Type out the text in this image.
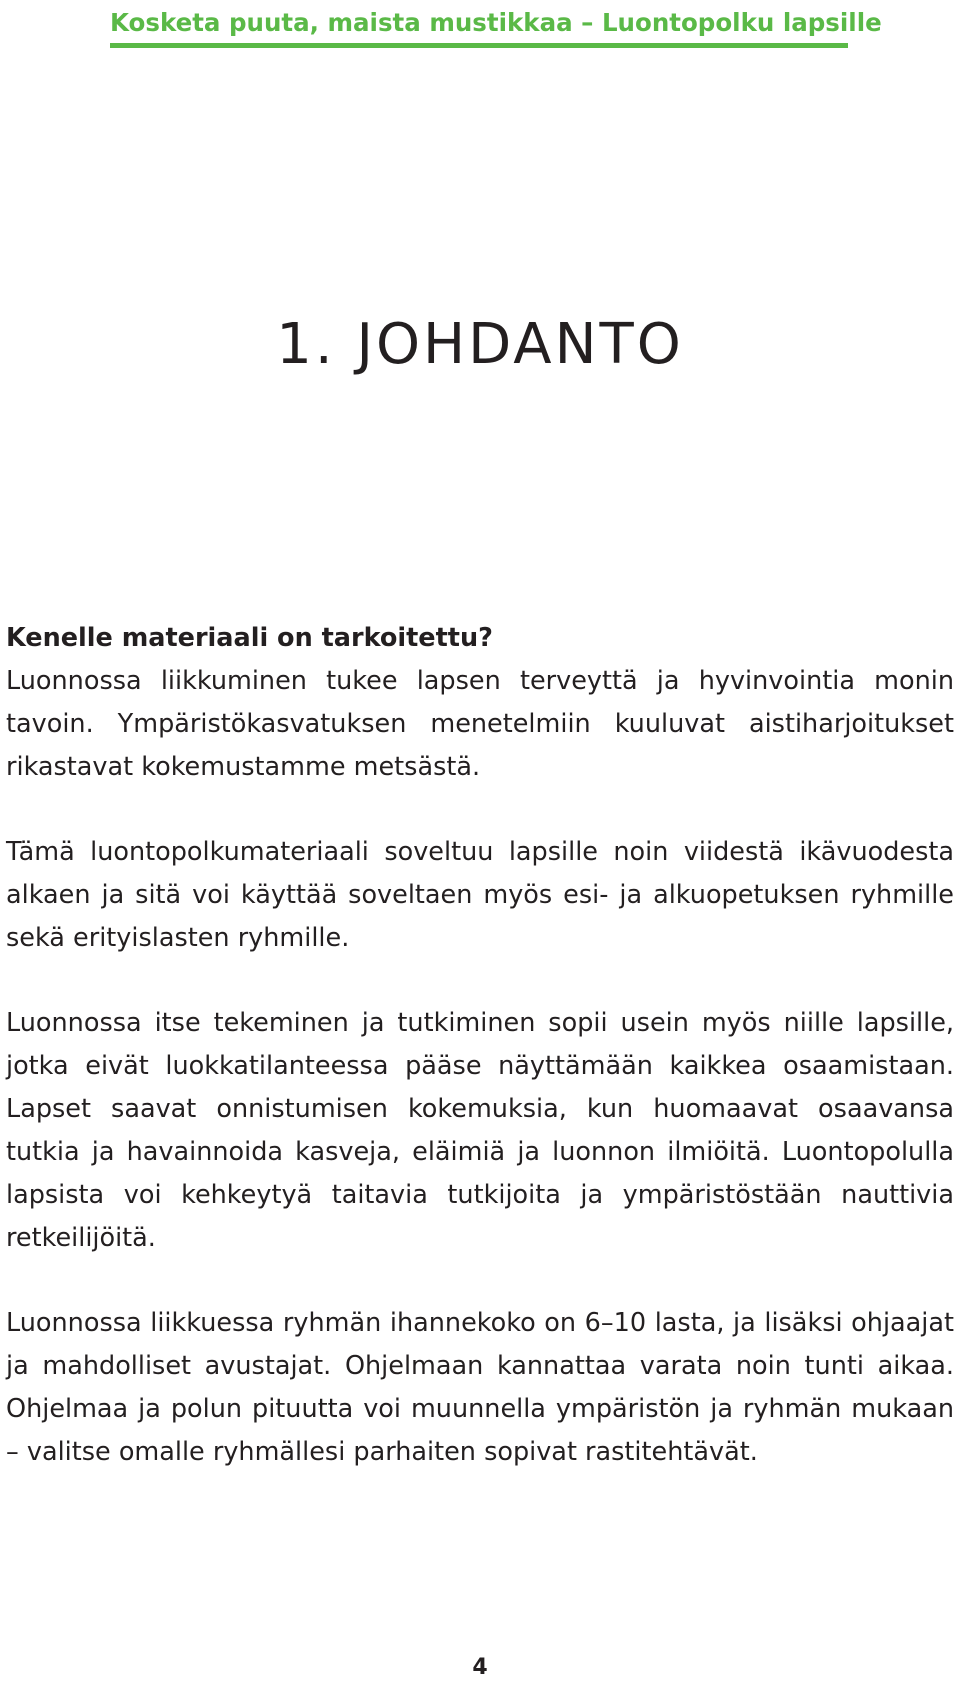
Kosketa puuta, maista mustikkaa – Luontopolku lapsille
1. JOHDANTO

Kenelle materiaali on tarkoitettu?

Luonnossa liikkuminen tukee lapsen terveyttä ja hyvinvointia monin tavoin. Ympäristökasvatuksen menetelmiin kuuluvat aistiharjoitukset rikastavat kokemustamme metsästä.

Tämä luontopolkumateriaali soveltuu lapsille noin viidestä ikävuodesta alkaen ja sitä voi käyttää soveltaen myös esi- ja alkuopetuksen ryhmille sekä erityislasten ryhmille.

Luonnossa itse tekeminen ja tutkiminen sopii usein myös niille lapsille, jotka eivät luokkatilanteessa pääse näyttämään kaikkea osaamistaan. Lapset saavat onnistumisen kokemuksia, kun huomaavat osaavansa tutkia ja havainnoida kasveja, eläimiä ja luonnon ilmiöitä. Luontopolulla lapsista voi kehkeytyä taitavia tutkijoita ja ympäristöstään nauttivia retkeilijöitä.

Luonnossa liikkuessa ryhmän ihannekoko on 6–10 lasta, ja lisäksi ohjaajat ja mahdolliset avustajat. Ohjelmaan kannattaa varata noin tunti aikaa. Ohjelmaa ja polun pituutta voi muunnella ympäristön ja ryhmän mukaan – valitse omalle ryhmällesi parhaiten sopivat rastitehtävät.

4
